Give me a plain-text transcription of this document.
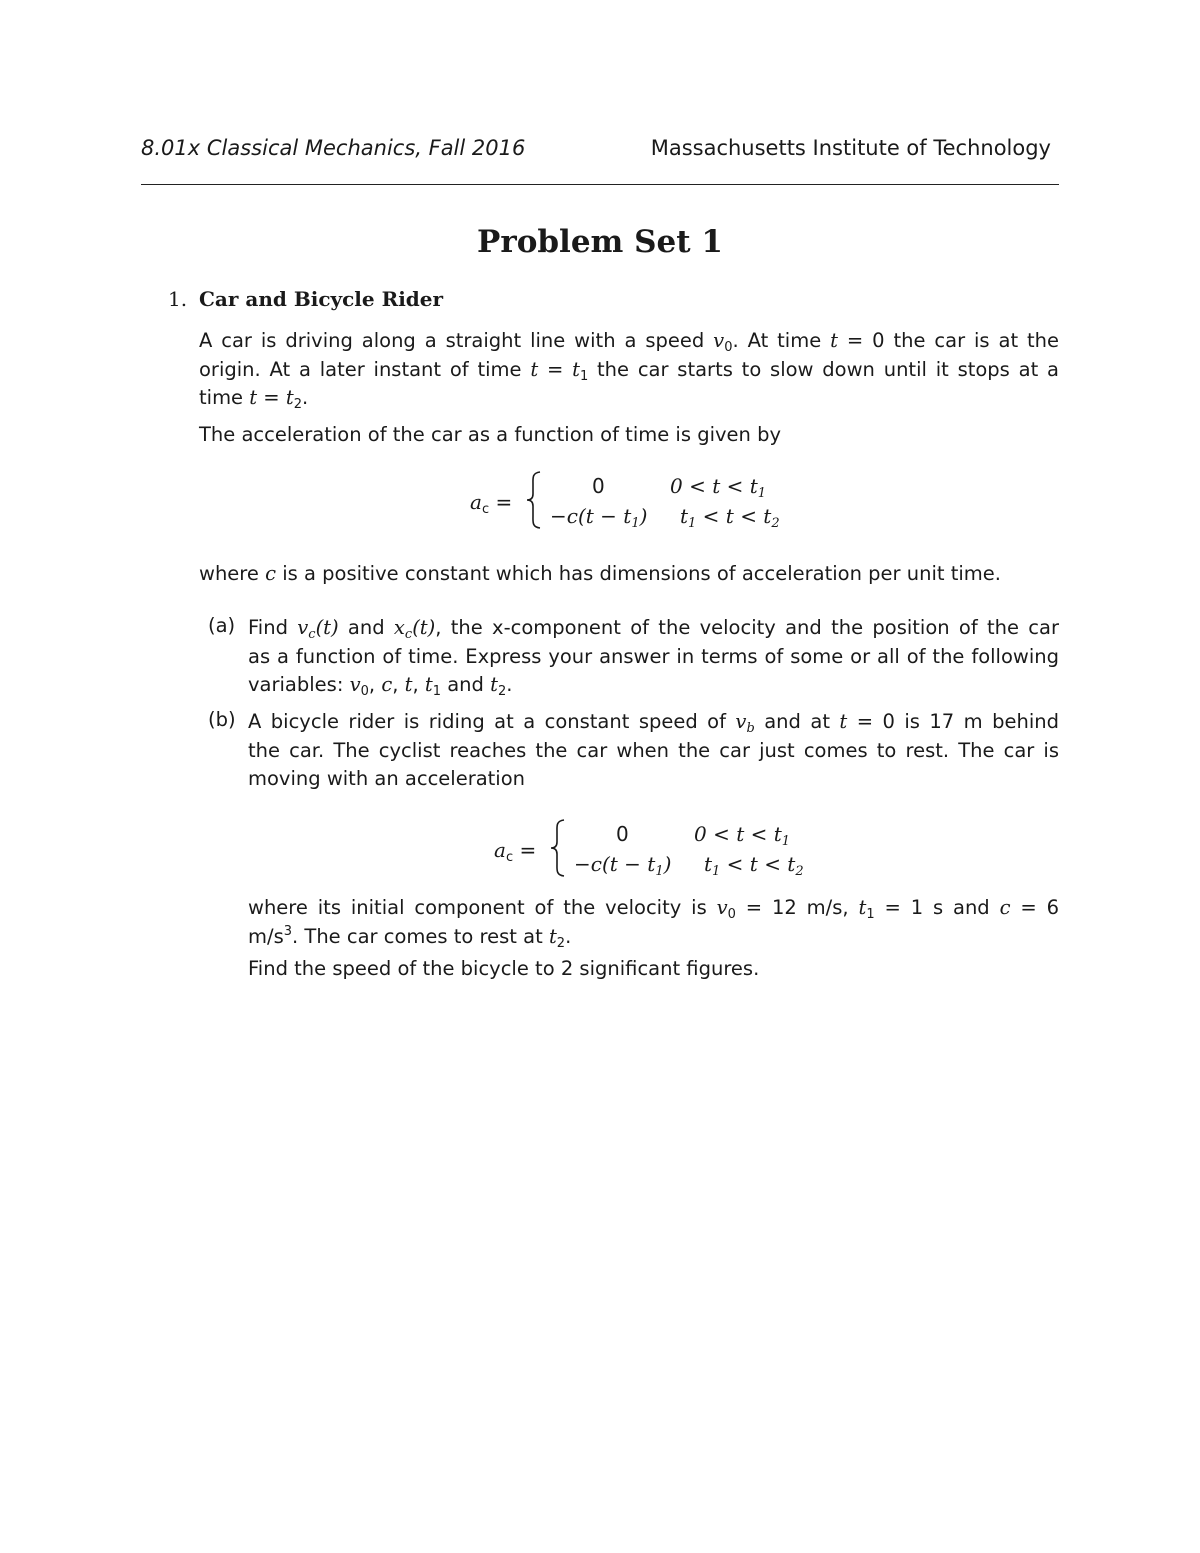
8.01x Classical Mechanics, Fall 2016	Massachusetts Institute of Technology
Problem Set 1
1. Car and Bicycle Rider
A car is driving along a straight line with a speed $v_0$. At time t = 0 the car is at the
origin. At a later instant of time $t = t_1$ the car starts to slow down until it stops at a
time $t = t_2$.
The acceleration of the car as a function of time is given by
$a_c$ =
0	$0 < t < t_1$
$-c(t - t_1)$ $t_1 < t < t_2$
where c is a positive constant which has dimensions of acceleration per unit time.
(a) Find $v_c(t)$ and $x_c(t)$, the x-component of the velocity and the position of the car
as a function of time. Express your answer in terms of some or all of the following
variables: $v_0$, c, t, $t_1$ and $t_2$.
(b) A bicycle rider is riding at a constant speed of $v_b$ and at t = 0 is 17 m behind
the car. The cyclist reaches the car when the car just comes to rest. The car is
moving with an acceleration
$a_c$ =
0	$0 < t < t_1$
$-c(t - t_1)$ $t_1 < t < t_2$
where its initial component of the velocity is $v_0 = 12$ m/s, $t_1 = 1$ s and c = 6
$m/s^3$. The car comes to rest at $t_2$.
Find the speed of the bicycle to 2 significant figures.
